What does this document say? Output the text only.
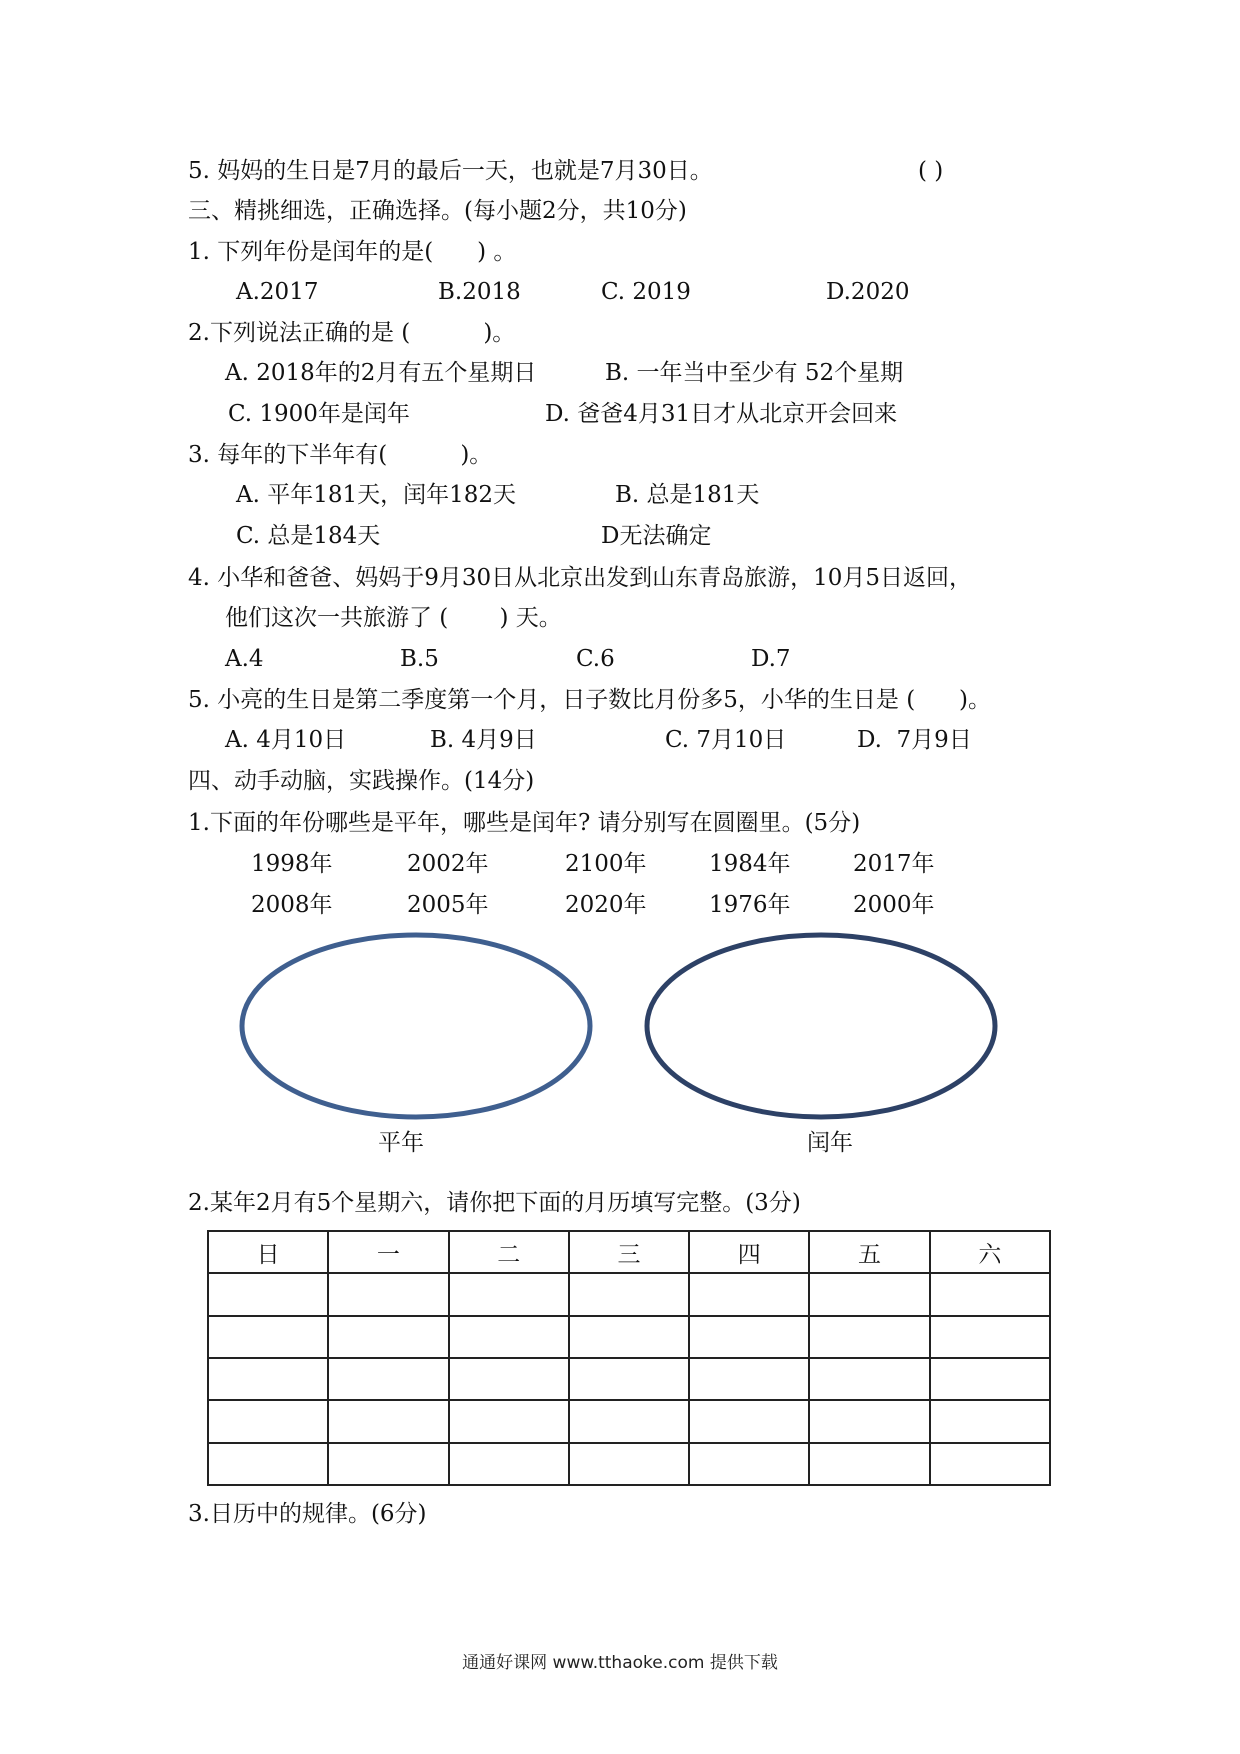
5. 妈妈的生日是7月的最后一天，也就是7月30日。	( )
三、精挑细选，正确选择。(每小题2分，共10分)
1. 下列年份是闰年的是(      ) 。
A.2017	B.2018	C. 2019	D.2020
2.下列说法正确的是 (          )。
A. 2018年的2月有五个星期日	B. 一年当中至少有 52个星期
C. 1900年是闰年	D. 爸爸4月31日才从北京开会回来
3. 每年的下半年有(          )。
A. 平年181天，闰年182天	B. 总是181天
C. 总是184天	D无法确定
4. 小华和爸爸、妈妈于9月30日从北京出发到山东青岛旅游，10月5日返回，
他们这次一共旅游了 (       ) 天。
A.4	B.5	C.6	D.7
5. 小亮的生日是第二季度第一个月，日子数比月份多5，小华的生日是 (      )。
A. 4月10日	B. 4月9日	C. 7月10日	D.  7月9日
四、动手动脑，实践操作。(14分)
1.下面的年份哪些是平年，哪些是闰年? 请分别写在圆圈里。(5分)
1998年	2002年	2100年	1984年	2017年
2008年	2005年	2020年	1976年	2000年
平年	闰年
2.某年2月有5个星期六，请你把下面的月历填写完整。(3分)
日	一	二	三	四	五	六

3.日历中的规律。(6分)
通通好课网 www.tthaoke.com 提供下载
